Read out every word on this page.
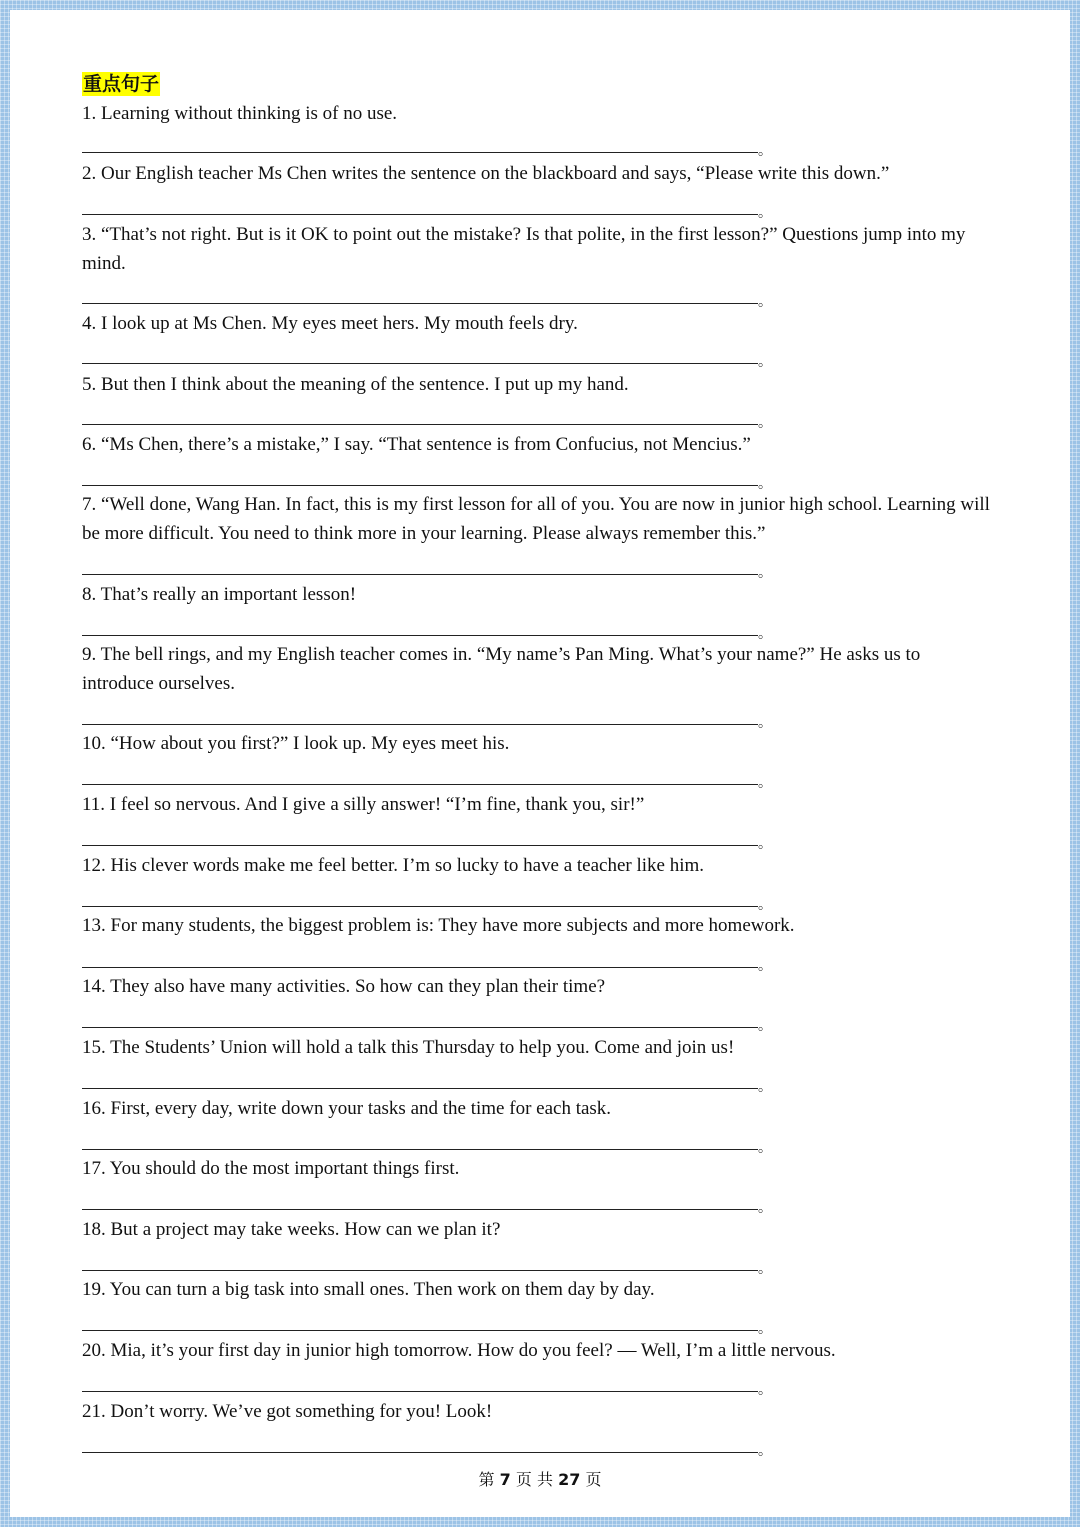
重点句子
1. Learning without thinking is of no use.
。
2. Our English teacher Ms Chen writes the sentence on the blackboard and says, “Please write this down.”
。
3. “That’s not right. But is it OK to point out the mistake? Is that polite, in the first lesson?” Questions jump into my mind.
。
4. I look up at Ms Chen. My eyes meet hers. My mouth feels dry.
。
5. But then I think about the meaning of the sentence. I put up my hand.
。
6. “Ms Chen, there’s a mistake,” I say. “That sentence is from Confucius, not Mencius.”
。
7. “Well done, Wang Han. In fact, this is my first lesson for all of you. You are now in junior high school. Learning will be more difficult. You need to think more in your learning. Please always remember this.”
。
8. That’s really an important lesson!
。
9. The bell rings, and my English teacher comes in. “My name’s Pan Ming. What’s your name?” He asks us to introduce ourselves.
。
10. “How about you first?” I look up. My eyes meet his.
。
11. I feel so nervous. And I give a silly answer! “I’m fine, thank you, sir!”
。
12. His clever words make me feel better. I’m so lucky to have a teacher like him.
。
13. For many students, the biggest problem is: They have more subjects and more homework.
。
14. They also have many activities. So how can they plan their time?
。
15. The Students’ Union will hold a talk this Thursday to help you. Come and join us!
。
16. First, every day, write down your tasks and the time for each task.
。
17. You should do the most important things first.
。
18. But a project may take weeks. How can we plan it?
。
19. You can turn a big task into small ones. Then work on them day by day.
。
20. Mia, it’s your first day in junior high tomorrow. How do you feel? — Well, I’m a little nervous.
。
21. Don’t worry. We’ve got something for you! Look!
。
第 7 页 共 27 页
